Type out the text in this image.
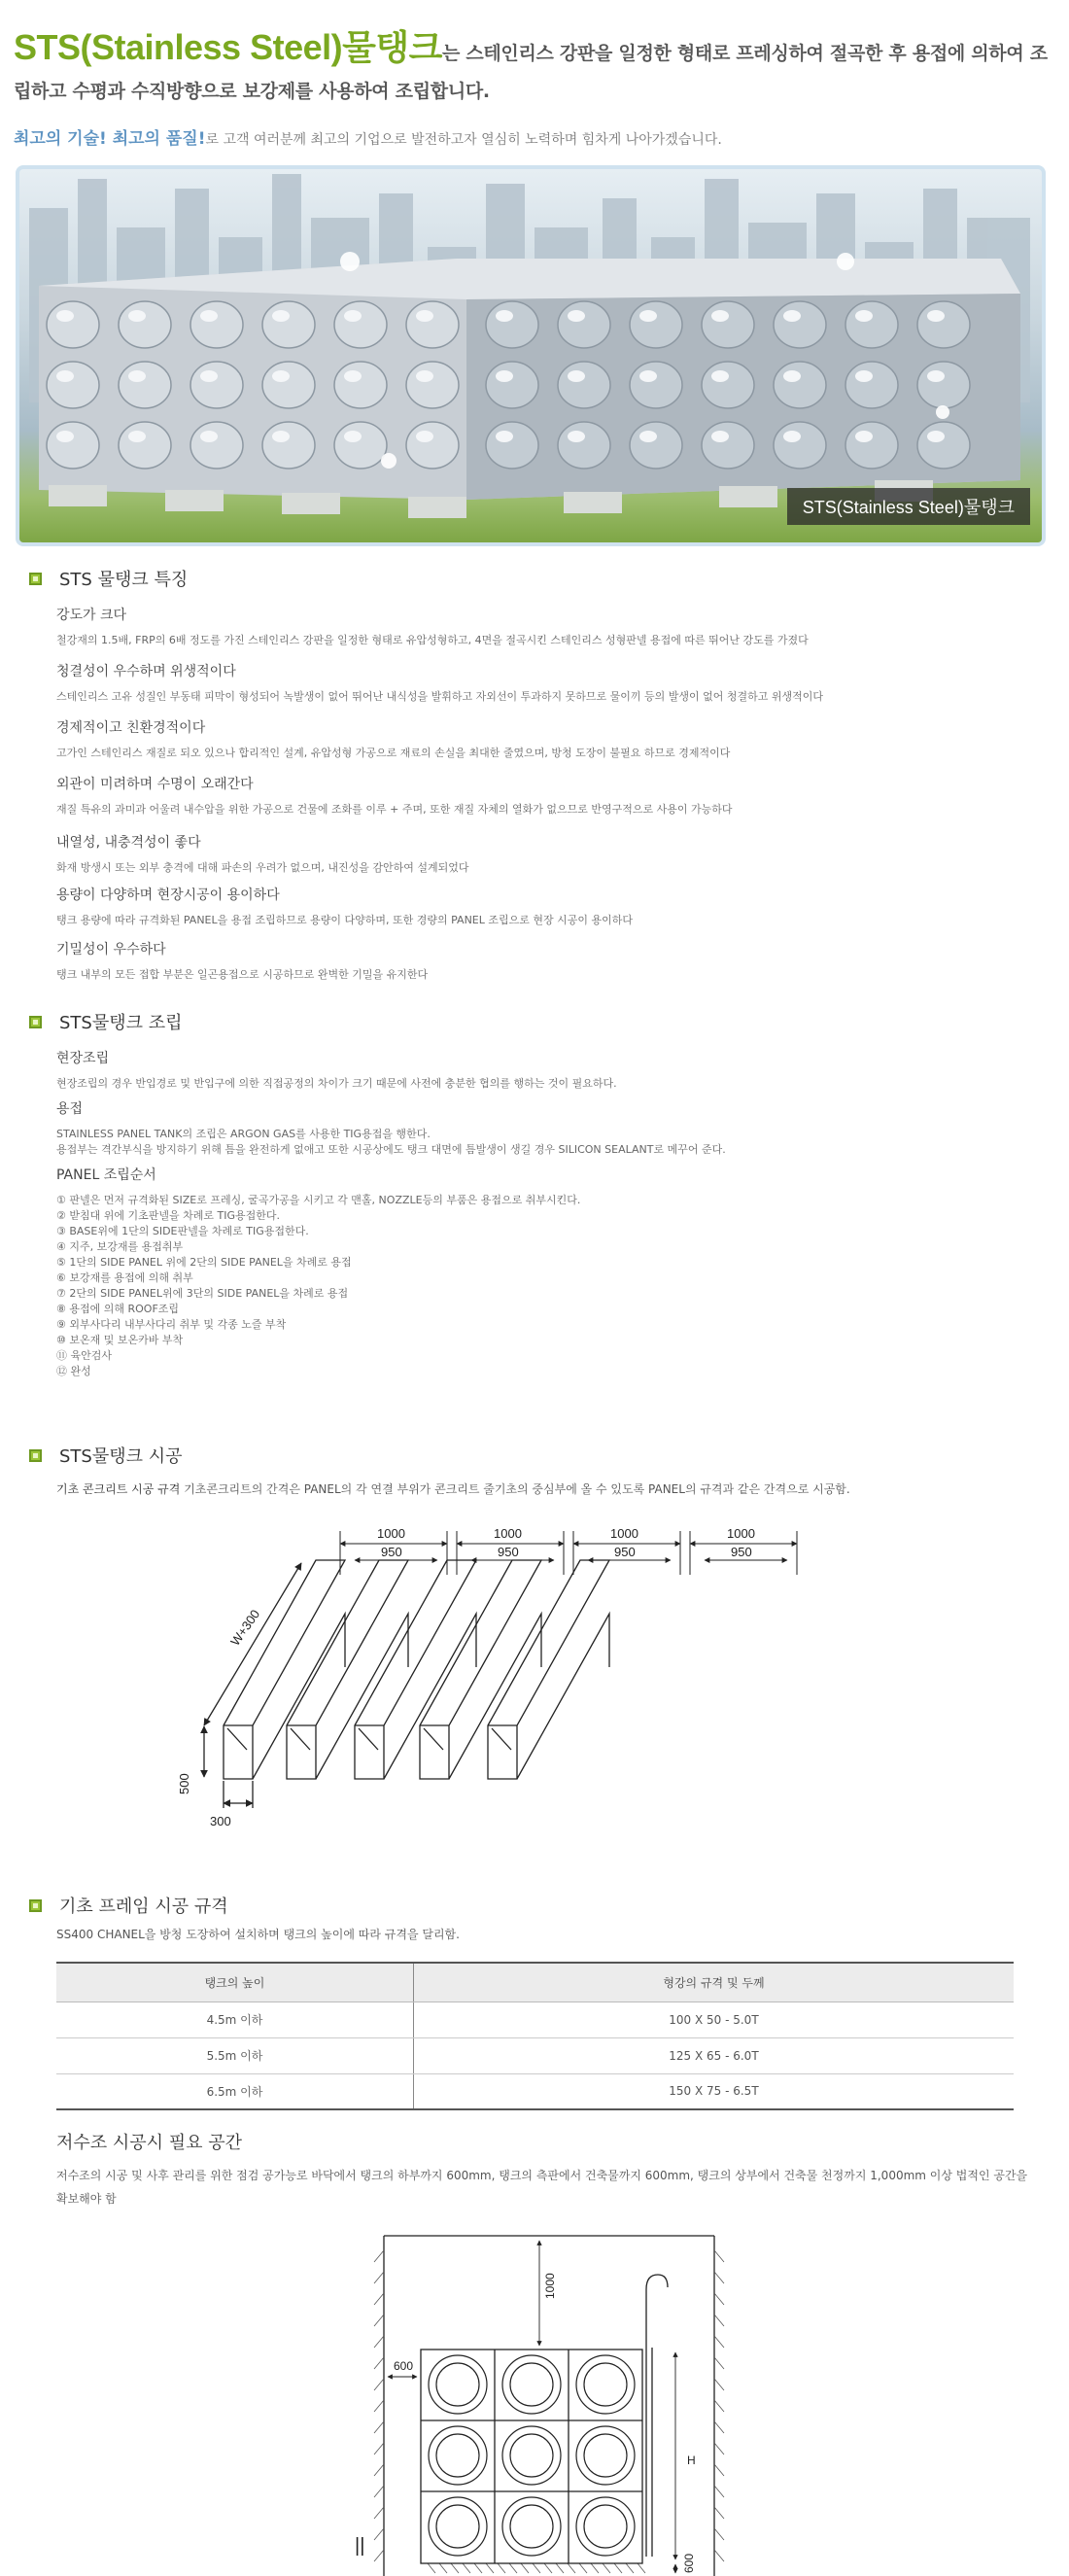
STS(Stainless Steel)물탱크는 스테인리스 강판을 일정한 형태로 프레싱하여 절곡한 후 용접에 의하여 조립하고 수평과 수직방향으로 보강제를 사용하여 조립합니다.
최고의 기술! 최고의 품질!로 고객 여러분께 최고의 기업으로 발전하고자 열심히 노력하며 힘차게 나아가겠습니다.
STS(Stainless Steel)물탱크
STS 물탱크 특징
강도가 크다
철강재의 1.5배, FRP의 6배 정도를 가진 스테인리스 강판을 일정한 형태로 유압성형하고, 4면을 절곡시킨 스테인리스 성형판넬 용접에 따른 뛰어난 강도를 가졌다
청결성이 우수하며 위생적이다
스테인리스 고유 성질인 부동태 피막이 형성되어 녹발생이 없어 뛰어난 내식성을 발휘하고 자외선이 투과하지 못하므로 물이끼 등의 발생이 없어 청결하고 위생적이다
경제적이고 친환경적이다
고가인 스테인리스 재질로 되오 있으나 합리적인 설계, 유압성형 가공으로 재료의 손실을 최대한 줄였으며, 방청 도장이 불필요 하므로 경제적이다
외관이 미려하며 수명이 오래간다
재질 특유의 과미과 어울려 내수압을 위한 가공으로 건물에 조화를 이루 + 주며, 또한 재질 자체의 열화가 없으므로 반영구적으로 사용이 가능하다
내열성, 내충격성이 좋다
화재 방생시 또는 외부 충격에 대해 파손의 우려가 없으며, 내진성을 감안하여 설계되었다
용량이 다양하며 현장시공이 용이하다
탱크 용량에 따라 규격화된 PANEL을 용접 조립하므로 용량이 다양하며, 또한 경량의 PANEL 조립으로 현장 시공이 용이하다
기밀성이 우수하다
탱크 내부의 모든 접합 부분은 일곤용접으로 시공하므로 완벽한 기밀을 유지한다
STS물탱크 조립
현장조립
현장조립의 경우 반입경로 및 반입구에 의한 직접공정의 차이가 크기 때문에 사전에 충분한 협의를 행하는 것이 필요하다.
용접
STAINLESS PANEL TANK의 조립은 ARGON GAS를 사용한 TIG용접을 행한다.
용접부는 격간부식을 방지하기 위해 틈을 완전하게 없애고 또한 시공상에도 탱크 대면에 틈발생이 생길 경우 SILICON SEALANT로 메꾸어 준다.
PANEL 조립순서
① 판넬은 먼저 규격화된 SIZE로 프레싱, 굴곡가공을 시키고 각 맨홀, NOZZLE등의 부품은 용접으로 취부시킨다.
② 받침대 위에 기초판넬을 차례로 TIG용접한다.
③ BASE위에 1단의 SIDE판넬을 차례로 TIG용접한다.
④ 지주, 보강재를 용접취부
⑤ 1단의 SIDE PANEL 위에 2단의 SIDE PANEL을 차례로 용접
⑥ 보강재를 용접에 의해 취부
⑦ 2단의 SIDE PANEL위에 3단의 SIDE PANEL을 차례로 용접
⑧ 용접에 의해 ROOF조립
⑨ 외부사다리 내부사다리 취부 및 각종 노즐 부착
⑩ 보온재 및 보온카바 부착
⑪ 육안검사
⑫ 완성
STS물탱크 시공
기초 콘크리트 시공 규격 기초콘크리트의 간격은 PANEL의 각 연결 부위가 콘크리트 줄기초의 중심부에 올 수 있도록 PANEL의 규격과 같은 간격으로 시공함.
1000
950
1000
950
1000
950
1000
950
W+300
500
300
기초 프레임 시공 규격
SS400 CHANEL을 방청 도장하여 설치하며 탱크의 높이에 따라 규격을 달리함.
탱크의 높이	형강의 규격 및 두께
4.5m 이하	100 X 50 - 5.0T
5.5m 이하	125 X 65 - 6.0T
6.5m 이하	150 X 75 - 6.5T
저수조 시공시 필요 공간
저수조의 시공 및 사후 관리를 위한 점검 공가능로 바닥에서 탱크의 하부까지 600mm, 탱크의 측판에서 건축물까지 600mm, 탱크의 상부에서 건축물 천정까지 1,000mm 이상 법적인 공간을 확보해야 함
1000
600
H
600
||
